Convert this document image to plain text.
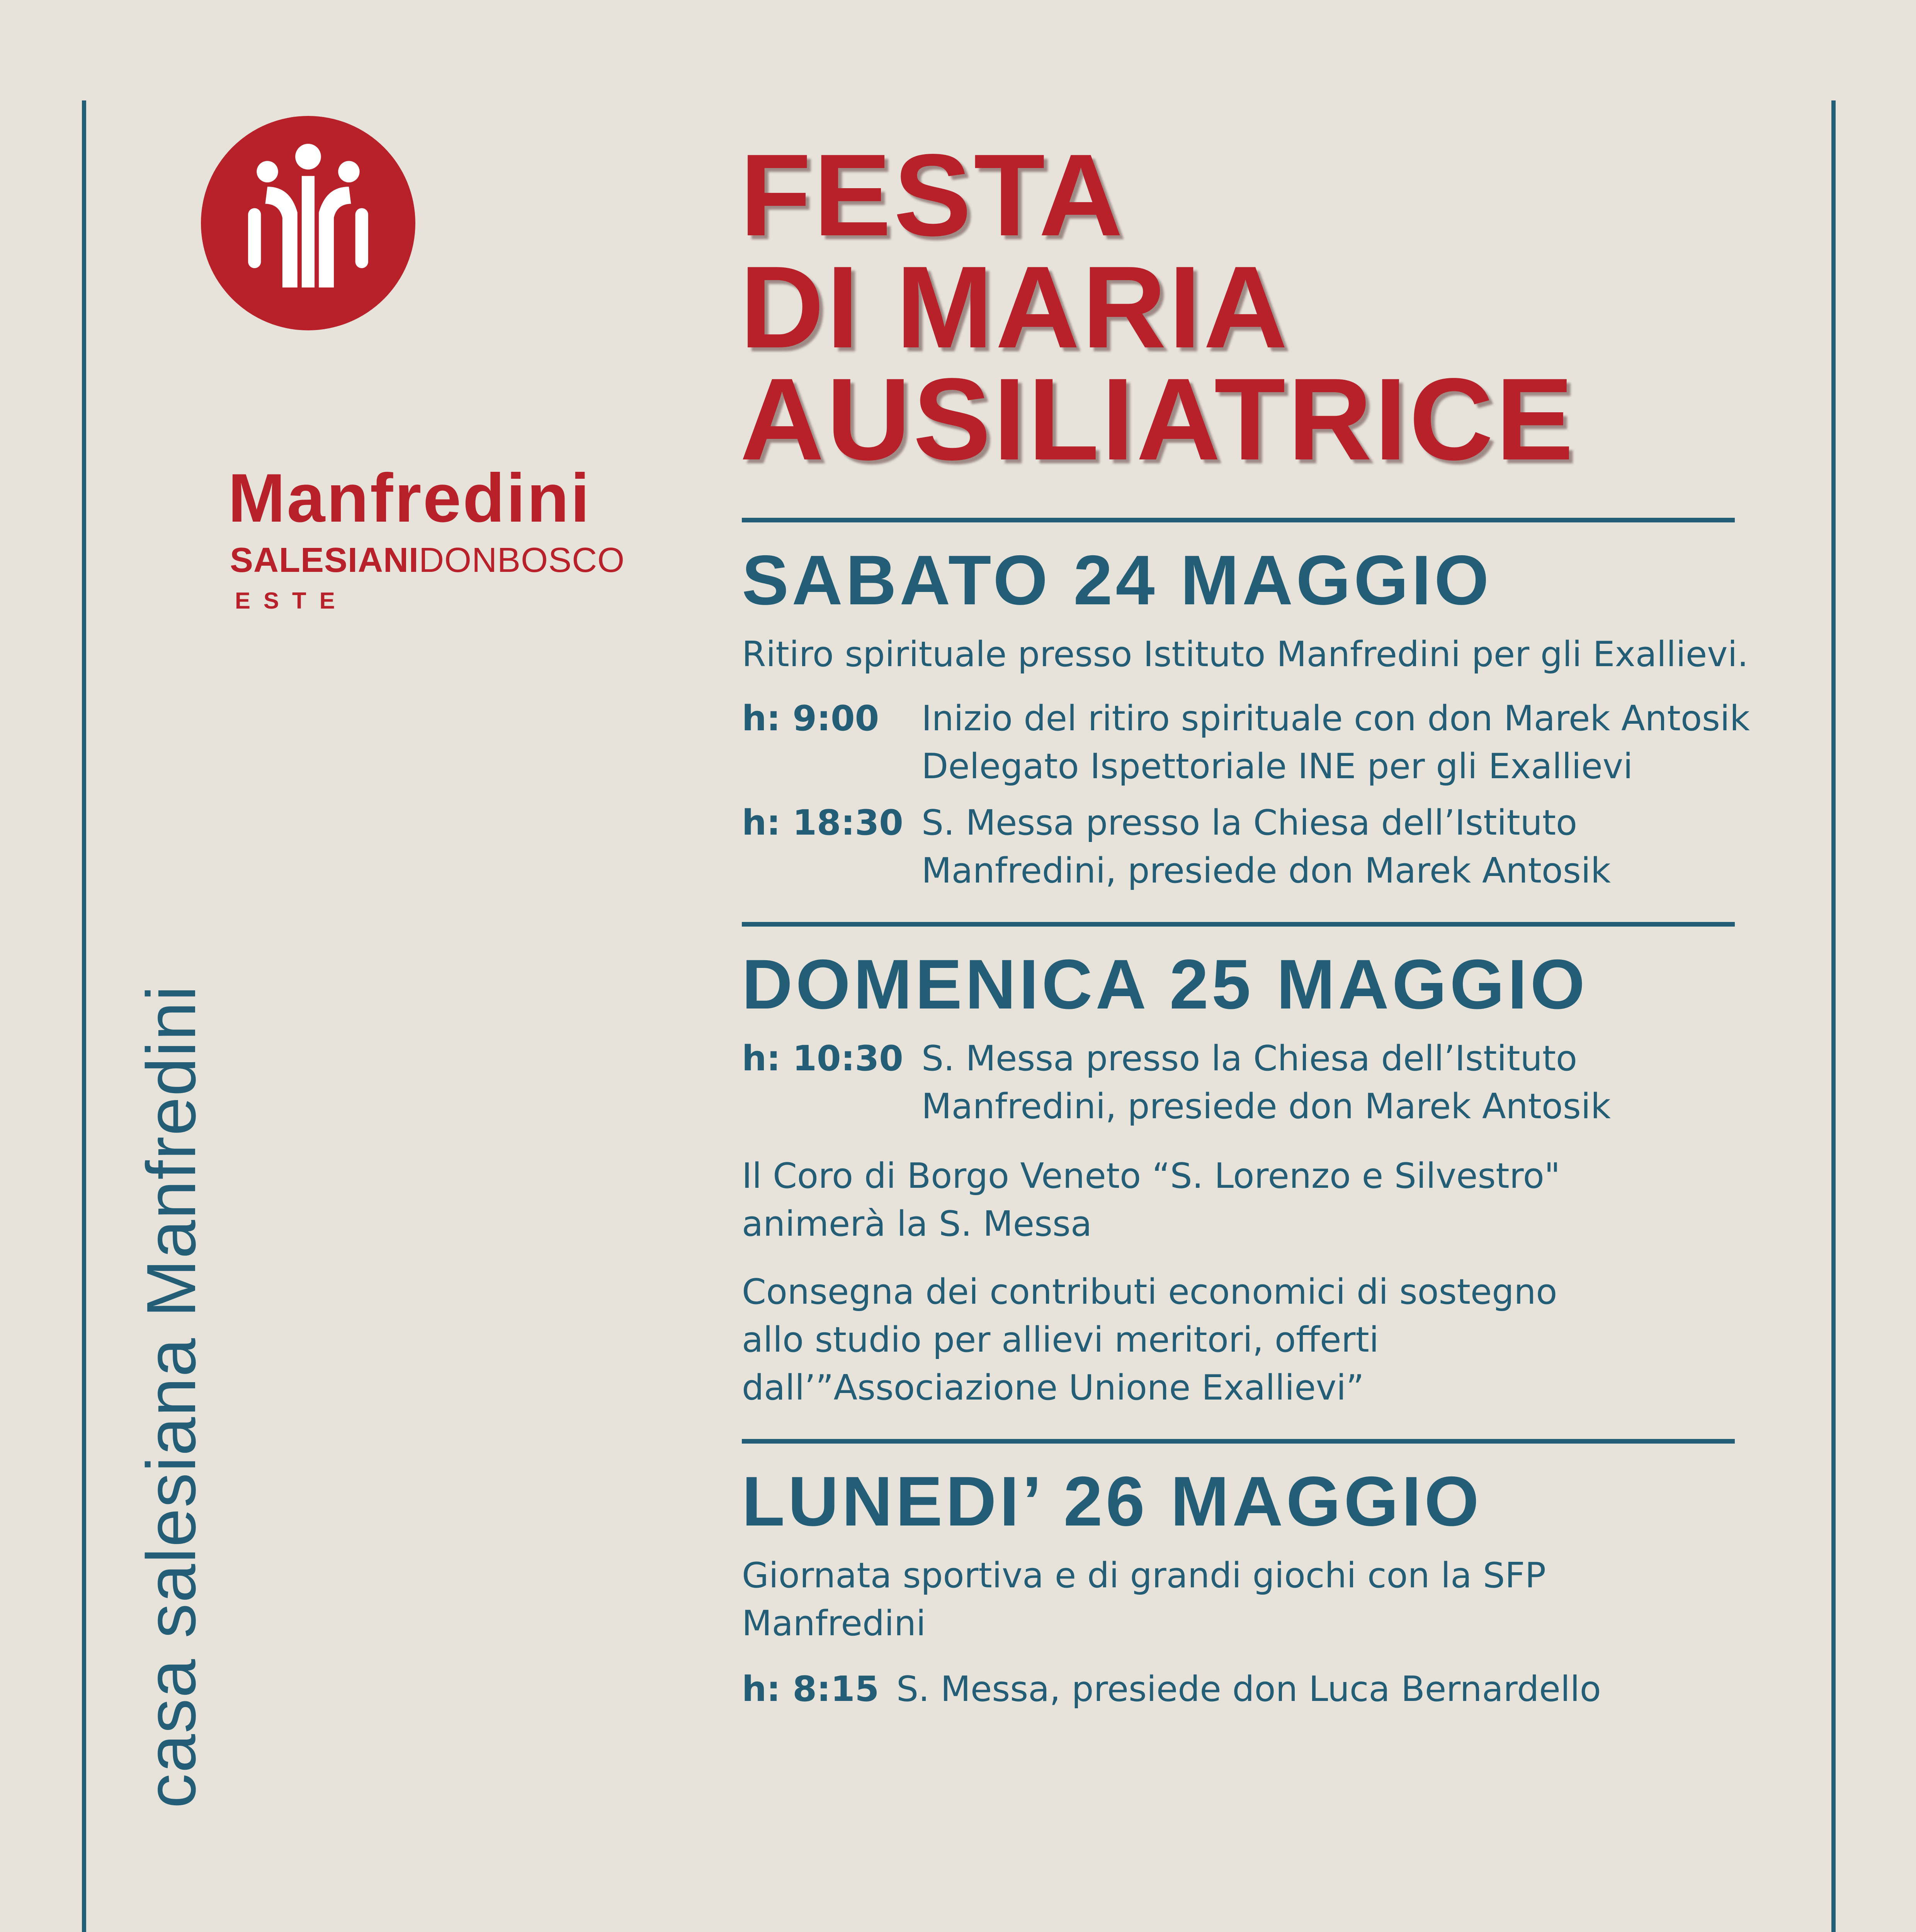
Manfredini
SALESIANIDONBOSCO
ESTE
casa salesiana Manfredini
FESTA
DI MARIA
AUSILIATRICE
SABATO 24 MAGGIO
Ritiro spirituale presso Istituto Manfredini per gli Exallievi.
h: 9:00	Inizio del ritiro spirituale con don Marek Antosik
Delegato Ispettoriale INE per gli Exallievi
h: 18:30 S. Messa presso la Chiesa dell’Istituto
Manfredini, presiede don Marek Antosik
DOMENICA 25 MAGGIO
h: 10:30 S. Messa presso la Chiesa dell’Istituto
Manfredini, presiede don Marek Antosik
Il Coro di Borgo Veneto “S. Lorenzo e Silvestro"
animerà la S. Messa
Consegna dei contributi economici di sostegno
allo studio per allievi meritori, offerti
dall’”Associazione Unione Exallievi”
LUNEDI’ 26 MAGGIO
Giornata sportiva e di grandi giochi con la SFP
Manfredini
h: 8:15 S. Messa, presiede don Luca Bernardello
